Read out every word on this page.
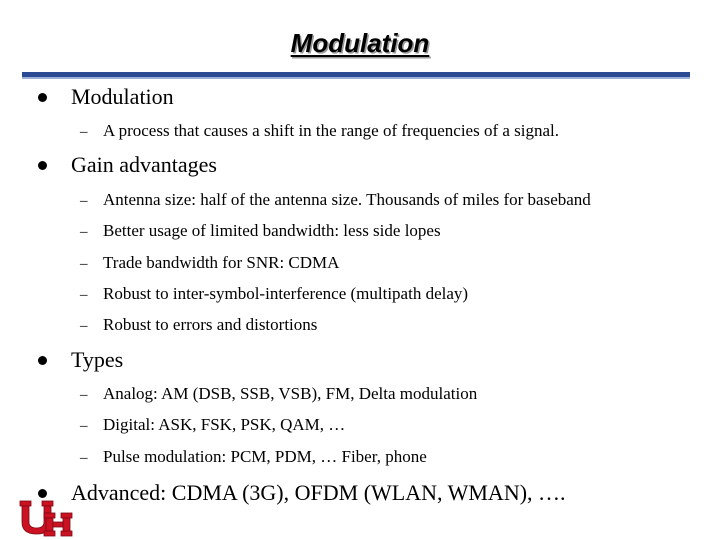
Modulation
Modulation
– A process that causes a shift in the range of frequencies of a signal.
Gain advantages
– Antenna size: half of the antenna size. Thousands of miles for baseband
– Better usage of limited bandwidth: less side lopes
– Trade bandwidth for SNR: CDMA
– Robust to inter-symbol-interference (multipath delay)
– Robust to errors and distortions
Types
– Analog: AM (DSB, SSB, VSB), FM, Delta modulation
– Digital: ASK, FSK, PSK, QAM, …
– Pulse modulation: PCM, PDM, … Fiber, phone
Advanced: CDMA (3G), OFDM (WLAN, WMAN), ….
